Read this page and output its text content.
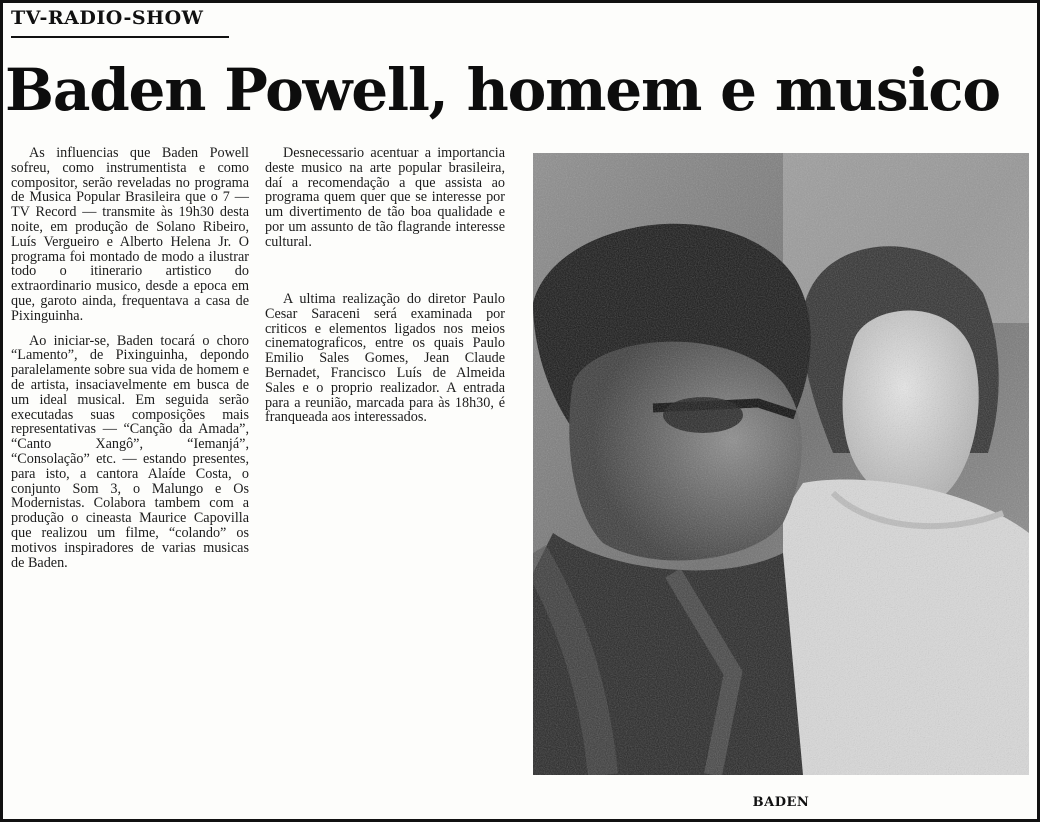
TV-RADIO-SHOW
Baden Powell, homem e musico

As influencias que Baden Powell sofreu, como instrumentista e como compositor, serão reveladas no programa de Musica Popular Brasileira que o 7 — TV Record — transmite às 19h30 desta noite, em produção de Solano Ribeiro, Luís Vergueiro e Alberto Helena Jr. O programa foi montado de modo a ilustrar todo o itinerario artistico do extraordinario musico, desde a epoca em que, garoto ainda, frequentava a casa de Pixinguinha.

Ao iniciar-se, Baden tocará o choro “Lamento”, de Pixinguinha, depondo paralelamente sobre sua vida de homem e de artista, insaciavelmente em busca de um ideal musical. Em seguida serão executadas suas composições mais representativas — “Canção da Amada”, “Canto Xangô”, “Iemanjá”, “Consolação” etc. — estando presentes, para isto, a cantora Alaíde Costa, o conjunto Som 3, o Malungo e Os Modernistas. Colabora tambem com a produção o cineasta Maurice Capovilla que realizou um filme, “colando” os motivos inspiradores de varias musicas de Baden.

Desnecessario acentuar a importancia deste musico na arte popular brasileira, daí a recomendação a que assista ao programa quem quer que se interesse por um divertimento de tão boa qualidade e por um assunto de tão flagrande interesse cultural.

A ultima realização do diretor Paulo Cesar Saraceni será examinada por criticos e elementos ligados nos meios cinematograficos, entre os quais Paulo Emilio Sales Gomes, Jean Claude Bernadet, Francisco Luís de Almeida Sales e o proprio realizador. A entrada para a reunião, marcada para às 18h30, é franqueada aos interessados.

BADEN
